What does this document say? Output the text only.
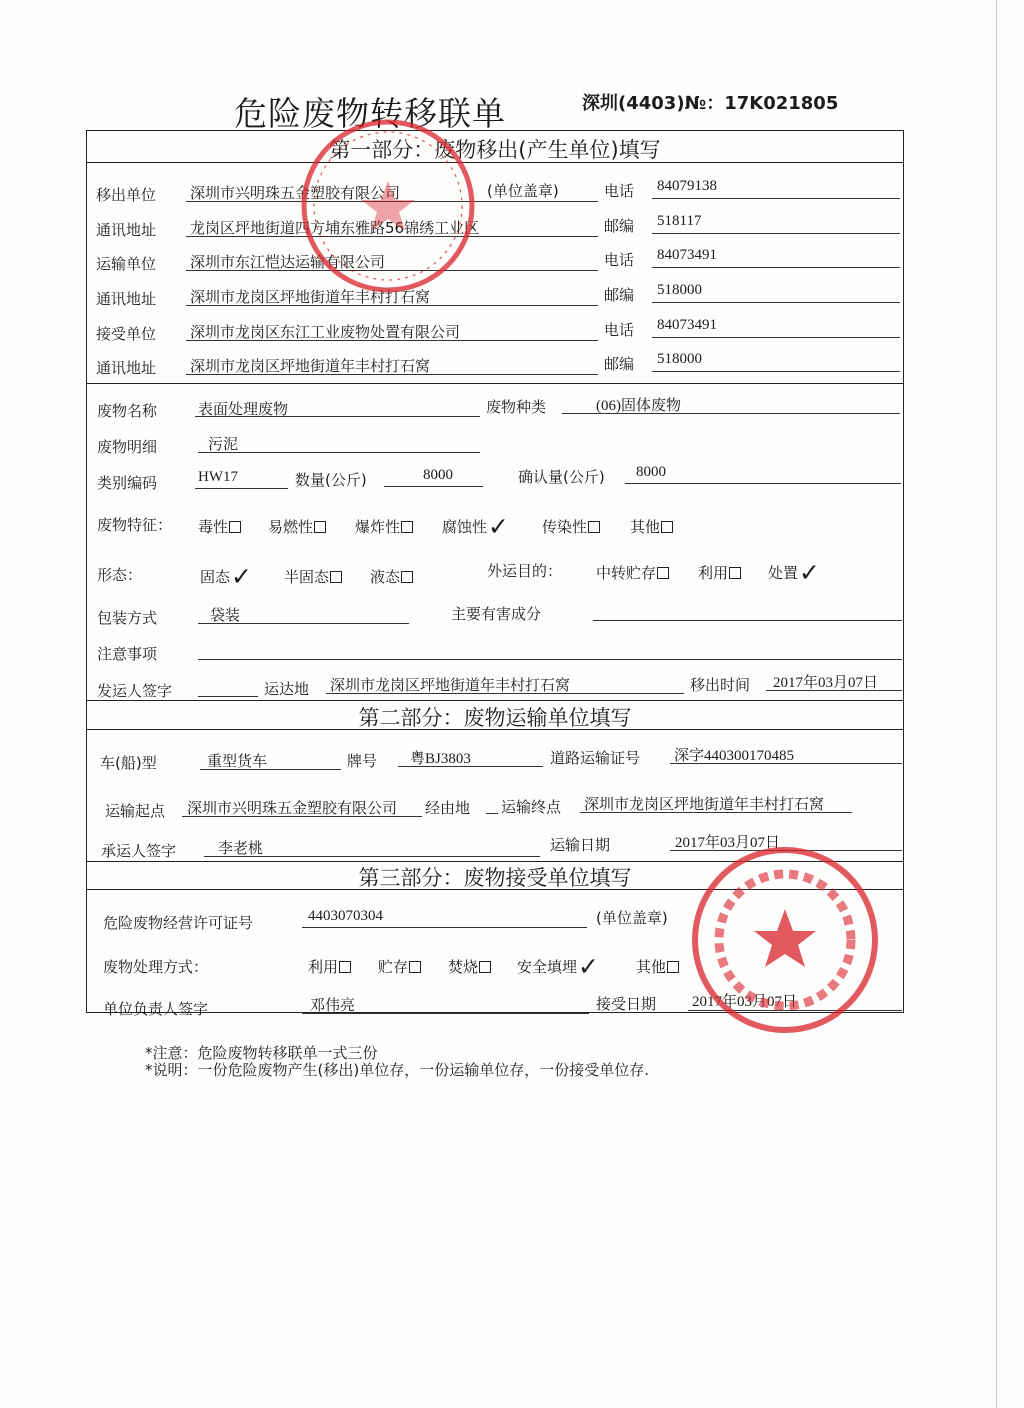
危险废物转移联单	深圳(4403)№：17K021805
第一部分：废物移出(产生单位)填写
第二部分：废物运输单位填写
第三部分：废物接受单位填写
移出单位 深圳市兴明珠五金塑胶有限公司	(单位盖章)	电话 84079138
通讯地址 龙岗区坪地街道四方埔东雅路56锦绣工业区	邮编 518117
运输单位 深圳市东江恺达运输有限公司	电话 84073491
通讯地址 深圳市龙岗区坪地街道年丰村打石窝	邮编 518000
接受单位 深圳市龙岗区东江工业废物处置有限公司	电话 84073491
通讯地址 深圳市龙岗区坪地街道年丰村打石窝	邮编 518000
废物名称	表面处理废物	废物种类	(06)固体废物
废物明细	污泥
类别编码	HW17	数量(公斤)	8000	确认量(公斤) 8000
废物特征： 毒性	易燃性	爆炸性	腐蚀性✓ 传染性	其他
形态：	固态✓ 半固态	液态	外运目的： 中转贮存	利用	处置✓
包装方式	袋装	主要有害成分
注意事项
发运人签字	运达地 深圳市龙岗区坪地街道年丰村打石窝	移出时间 2017年03月07日
车(船)型	重型货车	牌号 粤BJ3803	道路运输证号 深字440300170485
运输起点 深圳市兴明珠五金塑胶有限公司 经由地 运输终点 深圳市龙岗区坪地街道年丰村打石窝
承运人签字	李老桃	运输日期	2017年03月07日
危险废物经营许可证号	4403070304	(单位盖章)
废物处理方式：	利用	贮存	焚烧	安全填埋✓ 其他
单位负责人签字	邓伟亮	接受日期 2017年03月07日
*注意：危险废物转移联单一式三份
*说明：一份危险废物产生(移出)单位存，一份运输单位存，一份接受单位存.
